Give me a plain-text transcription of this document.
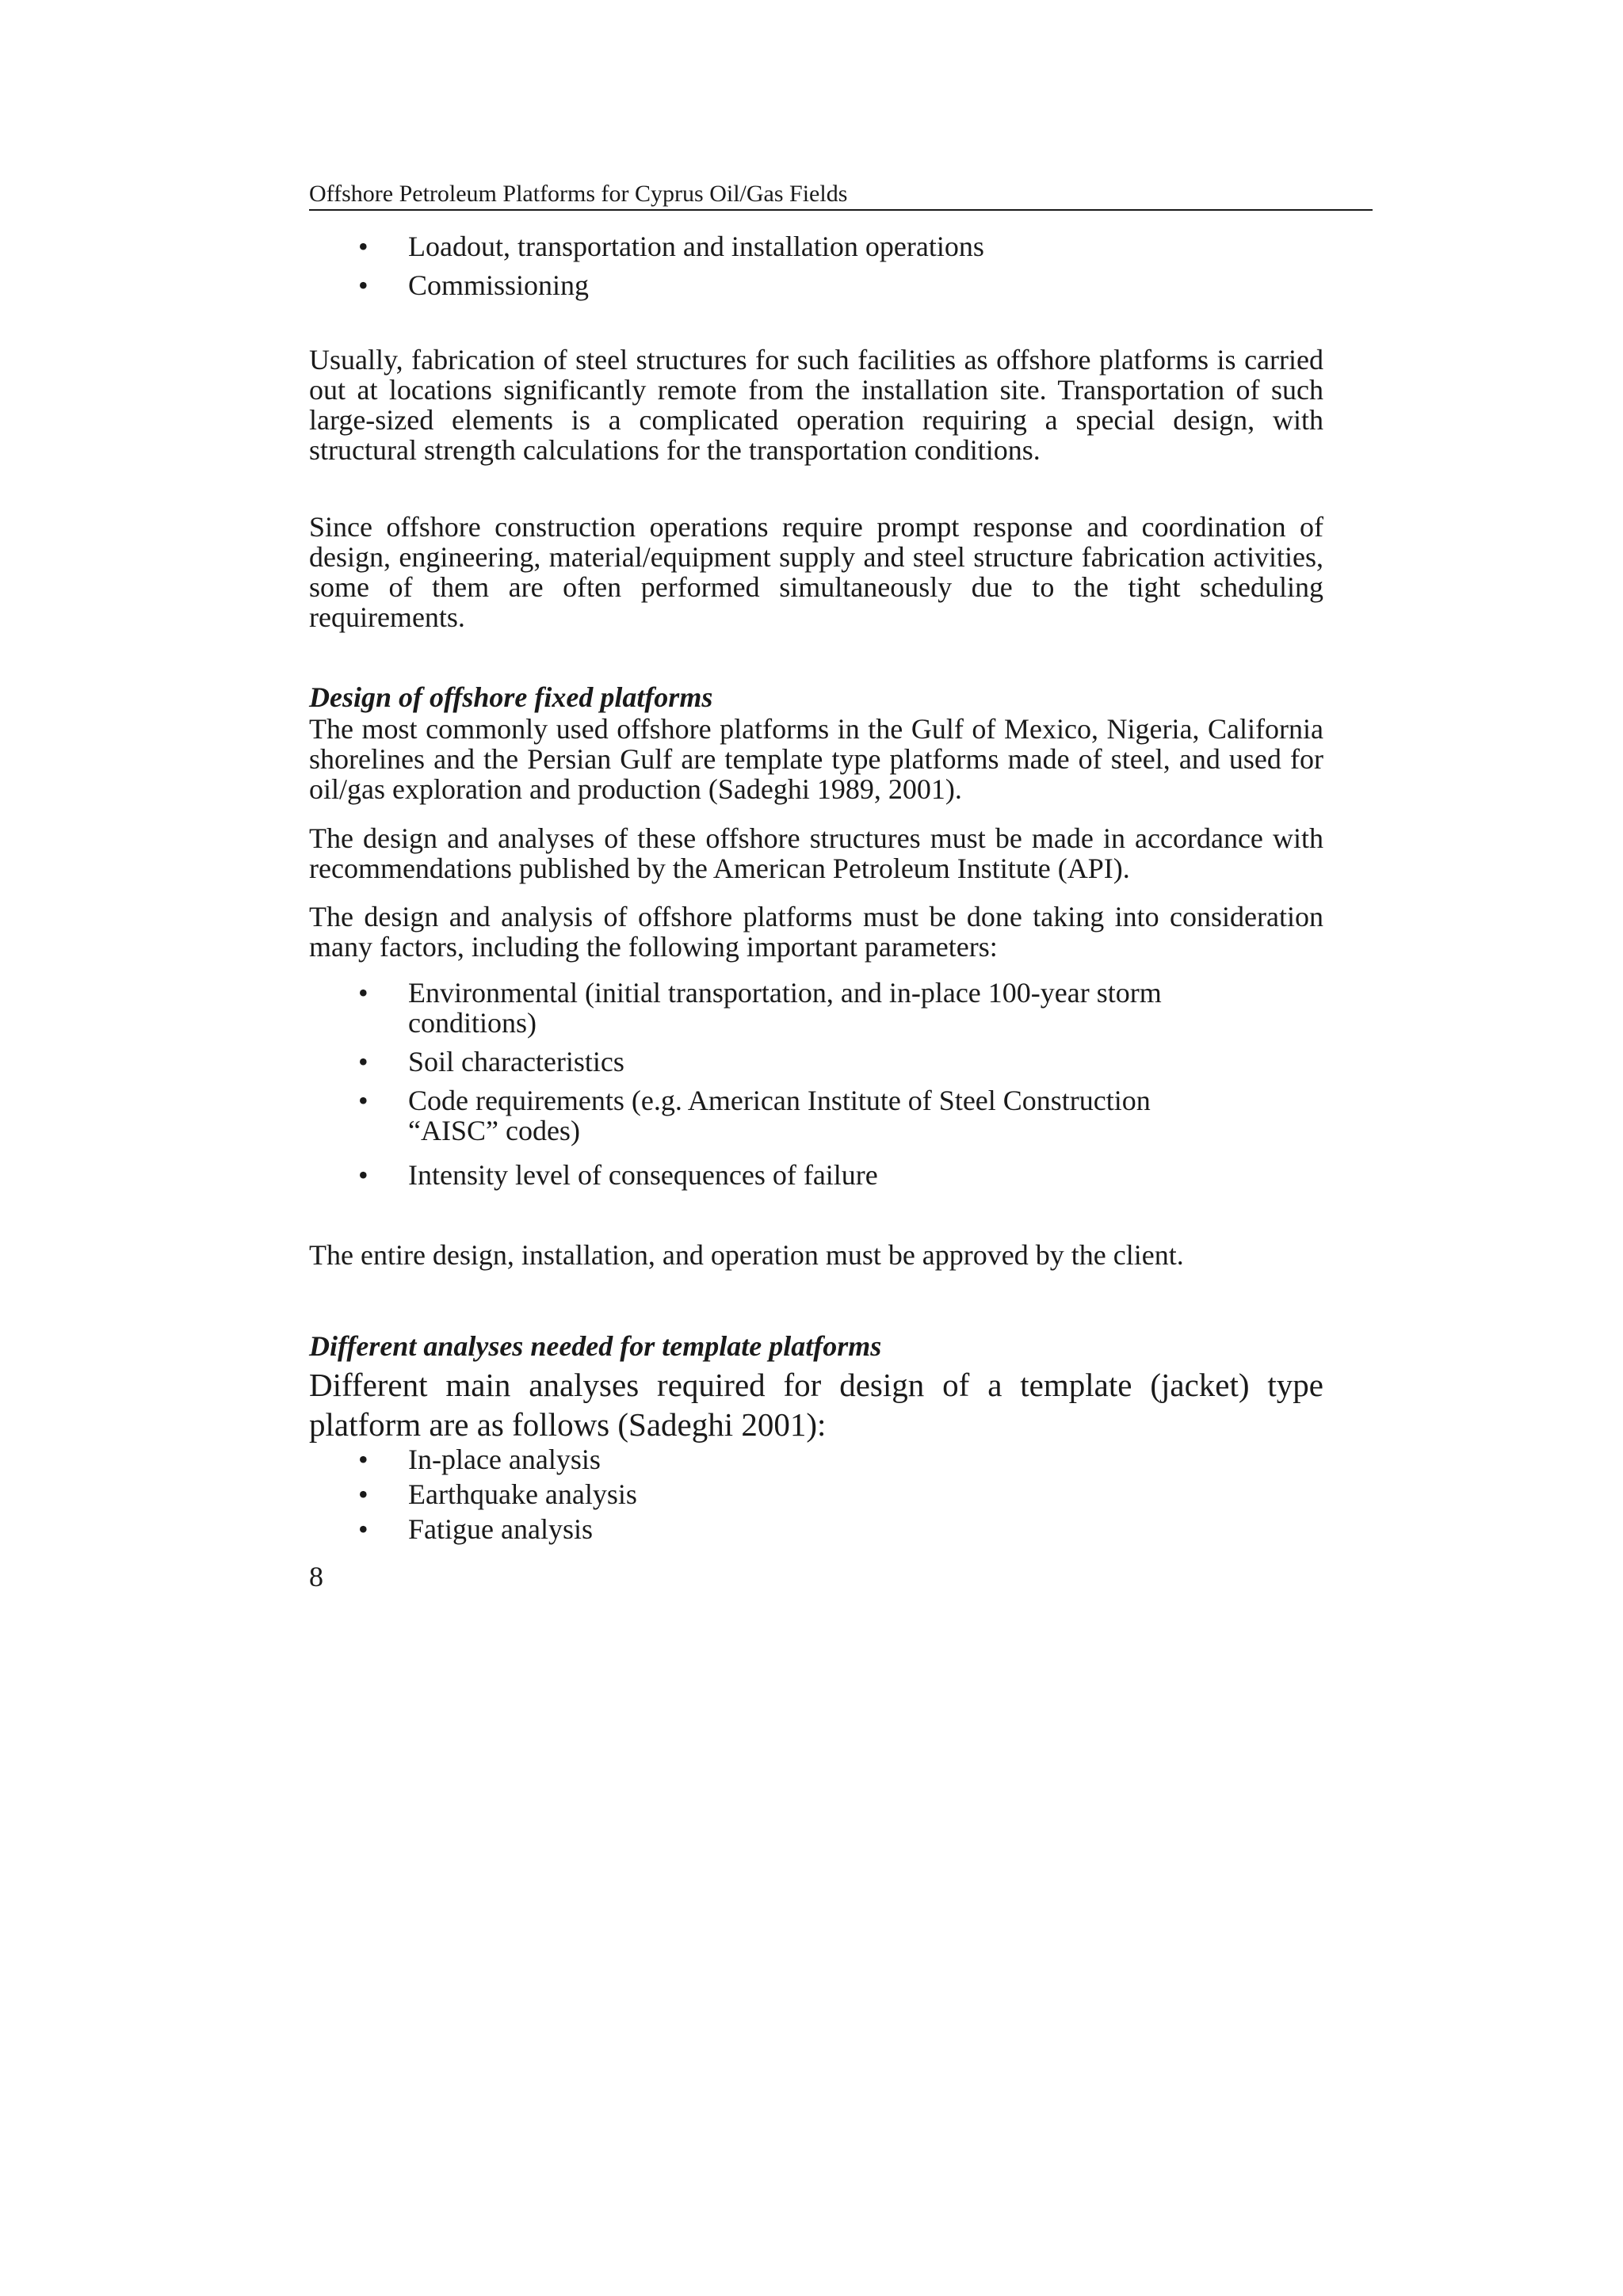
Offshore Petroleum Platforms for Cyprus Oil/Gas Fields
• Loadout, transportation and installation operations
• Commissioning

Usually, fabrication of steel structures for such facilities as offshore platforms is carried out at locations significantly remote from the installation site. Transportation of such large-sized elements is a complicated operation requiring a special design, with structural strength calculations for the transportation conditions.

Since offshore construction operations require prompt response and coordination of design, engineering, material/equipment supply and steel structure fabrication activities, some of them are often performed simultaneously due to the tight scheduling requirements.

Design of offshore fixed platforms

The most commonly used offshore platforms in the Gulf of Mexico, Nigeria, California shorelines and the Persian Gulf are template type platforms made of steel, and used for oil/gas exploration and production (Sadeghi 1989, 2001).

The design and analyses of these offshore structures must be made in accordance with recommendations published by the American Petroleum Institute (API).

The design and analysis of offshore platforms must be done taking into consideration many factors, including the following important parameters:

• Environmental (initial transportation, and in-place 100-year storm conditions)
• Soil characteristics
• Code requirements (e.g. American Institute of Steel Construction “AISC” codes)
• Intensity level of consequences of failure

The entire design, installation, and operation must be approved by the client.

Different analyses needed for template platforms

Different main analyses required for design of a template (jacket) type platform are as follows (Sadeghi 2001):

• In-place analysis
• Earthquake analysis
• Fatigue analysis
8
